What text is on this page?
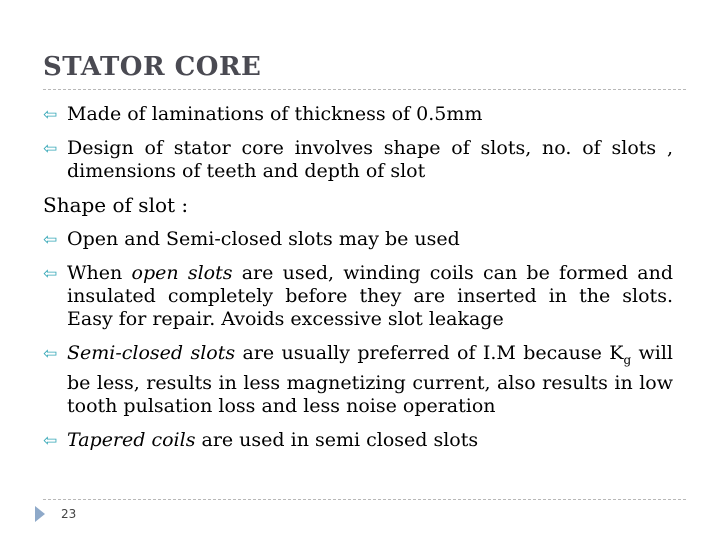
STATOR CORE
⇦ Made of laminations of thickness of 0.5mm
⇦ Design of stator core involves shape of slots, no. of slots , dimensions of teeth and depth of slot
Shape of slot :
⇦ Open and Semi-closed slots may be used
⇦ When open slots are used, winding coils can be formed and insulated completely before they are inserted in the slots. Easy for repair. Avoids excessive slot leakage
⇦ Semi-closed slots are usually preferred of I.M because $K_g$ will be less, results in less magnetizing current, also results in low tooth pulsation loss and less noise operation
⇦ Tapered coils are used in semi closed slots
23
